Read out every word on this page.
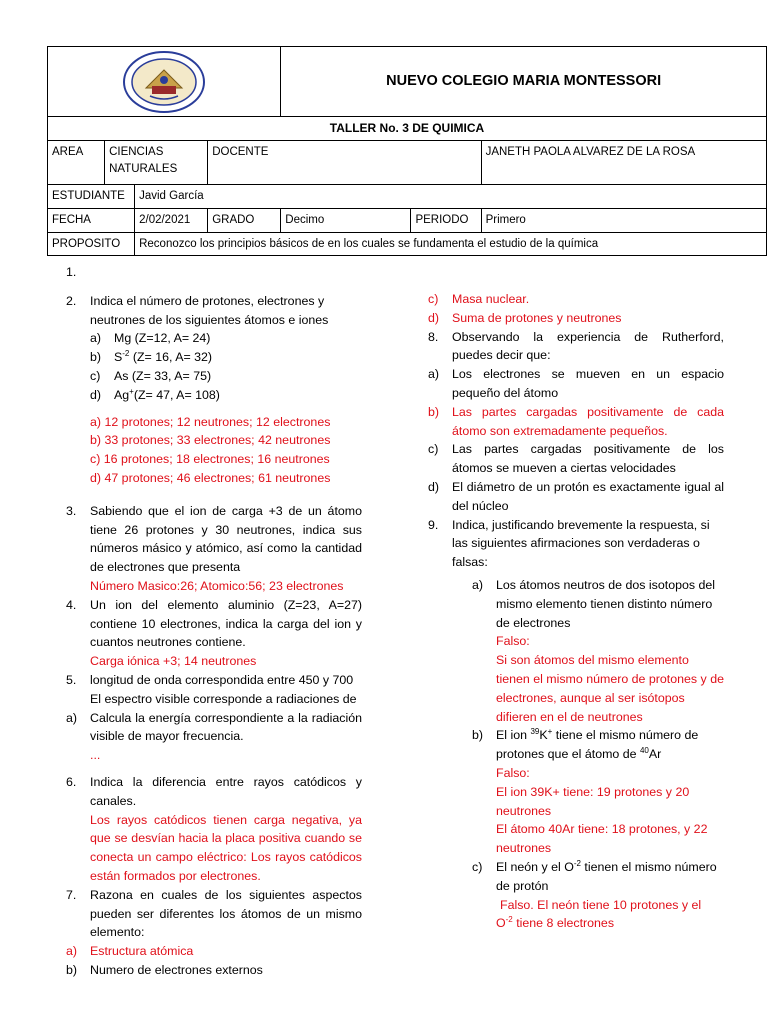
	NUEVO COLEGIO MARIA MONTESSORI		
TALLER No. 3 DE QUIMICA						
AREA	CIENCIAS NATURALES		DOCENTE			JANETH PAOLA ALVAREZ DE LA ROSA
ESTUDIANTE		Javid García				
FECHA		2/02/2021	GRADO	Decimo	PERIODO	Primero
PROPOSITO		Reconozco los principios básicos de en los cuales se fundamenta el estudio de la química				
1.
2.	Indica el número de protones, electrones y neutrones de los siguientes átomos e iones
a)	Mg (Z=12, A= 24)
b)	$S^{-2}$ (Z= 16, A= 32)
c)	As (Z= 33, A= 75)
d)	Ag+(Z= 47, A= 108)
a) 12 protones; 12 neutrones; 12 electrones
b) 33 protones; 33 electrones; 42 neutrones
c) 16 protones; 18 electrones; 16 neutrones
d) 47 protones; 46 electrones; 61 neutrones
3.	Sabiendo que el ion de carga +3 de un átomo tiene 26 protones y 30 neutrones, indica sus números másico y atómico, así como la cantidad de electrones que presenta
Número Masico:26; Atomico:56; 23 electrones
4.	Un ion del elemento aluminio (Z=23, A=27) contiene 10 electrones, indica la carga del ion y cuantos neutrones contiene.
Carga iónica +3; 14 neutrones
5.	longitud de onda correspondida entre 450 y 700 El espectro visible corresponde a radiaciones de
a)	Calcula la energía correspondiente a la radiación visible de mayor frecuencia.
...
6.	Indica la diferencia entre rayos catódicos y canales.
Los rayos catódicos tienen carga negativa, ya que se desvían hacia la placa positiva cuando se conecta un campo eléctrico: Los rayos catódicos están formados por electrones.
7.	Razona en cuales de los siguientes aspectos pueden ser diferentes los átomos de un mismo elemento:
a)	Estructura atómica
b)	Numero de electrones externos
c)	Masa nuclear.
d)	Suma de protones y neutrones
8.	Observando la experiencia de Rutherford, puedes decir que:
a)	Los electrones se mueven en un espacio pequeño del átomo
b)	Las partes cargadas positivamente de cada átomo son extremadamente pequeños.
c)	Las partes cargadas positivamente de los átomos se mueven a ciertas velocidades
d)	El diámetro de un protón es exactamente igual al del núcleo
9.	Indica, justificando brevemente la respuesta, si las siguientes afirmaciones son verdaderas o falsas:
a)	Los átomos neutros de dos isotopos del mismo elemento tienen distinto número de electrones
Falso:
Si son átomos del mismo elemento tienen el mismo número de protones y de electrones, aunque al ser isótopos difieren en el de neutrones
b)	El ion $^{39}$K+ tiene el mismo número de protones que el átomo de $^{40}$Ar
Falso:
El ion 39K+ tiene: 19 protones y 20 neutrones
El átomo 40Ar tiene: 18 protones, y 22 neutrones
c)	El neón y el $O^{-2}$ tienen el mismo número de protón
Falso. El neón tiene 10 protones y el
$O^{-2}$ tiene 8 electrones
